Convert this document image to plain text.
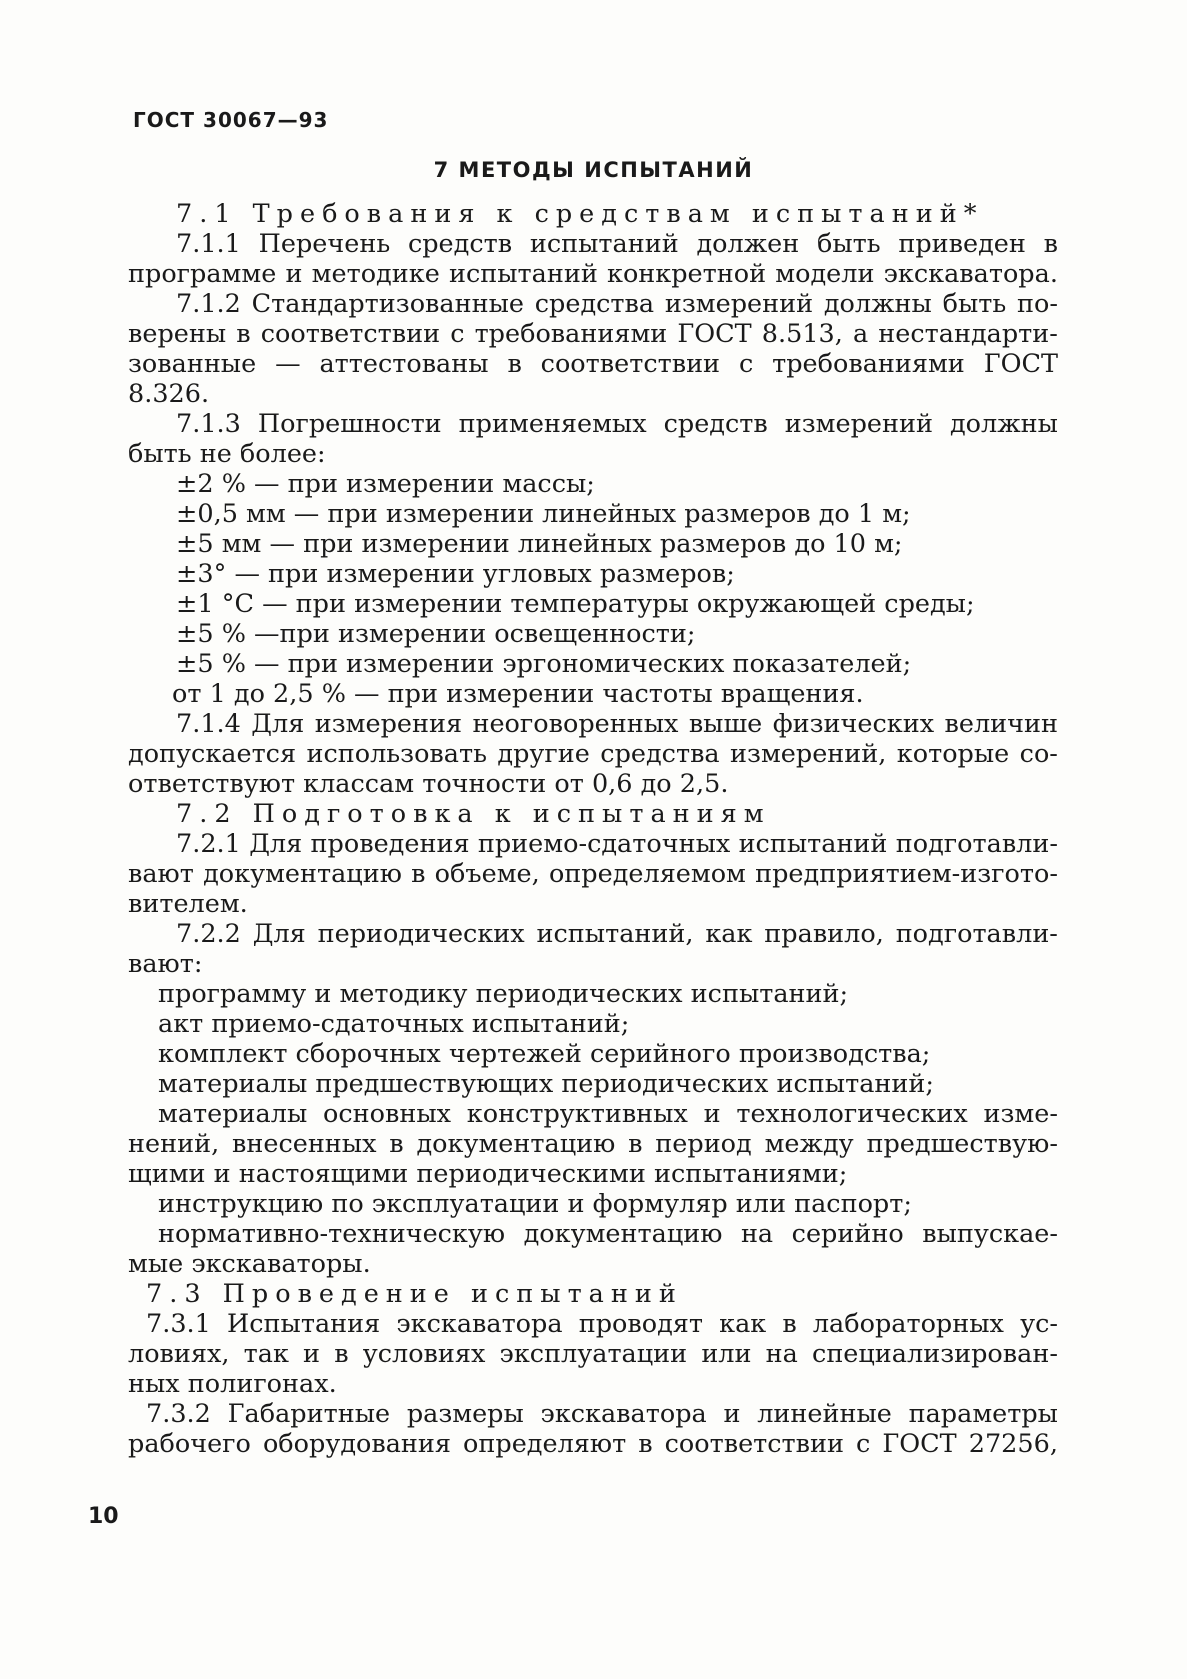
ГОСТ 30067—93
7 МЕТОДЫ ИСПЫТАНИЙ
7.1 Требования к средствам испытаний*
7.1.1 Перечень средств испытаний должен быть приведен в
программе и методике испытаний конкретной модели экскаватора.
7.1.2 Стандартизованные средства измерений должны быть по-
верены в соответствии с требованиями ГОСТ 8.513, а нестандарти-
зованные — аттестованы в соответствии с требованиями ГОСТ
8.326.
7.1.3 Погрешности применяемых средств измерений должны
быть не более:
±2 % — при измерении массы;
±0,5 мм — при измерении линейных размеров до 1 м;
±5 мм — при измерении линейных размеров до 10 м;
±3° — при измерении угловых размеров;
±1 °С — при измерении температуры окружающей среды;
±5 % —при измерении освещенности;
±5 % — при измерении эргономических показателей;
от 1 до 2,5 % — при измерении частоты вращения.
7.1.4 Для измерения неоговоренных выше физических величин
допускается использовать другие средства измерений, которые со-
ответствуют классам точности от 0,6 до 2,5.
7.2 Подготовка к испытаниям
7.2.1 Для проведения приемо-сдаточных испытаний подготавли-
вают документацию в объеме, определяемом предприятием-изгото-
вителем.
7.2.2 Для периодических испытаний, как правило, подготавли-
вают:
программу и методику периодических испытаний;
акт приемо-сдаточных испытаний;
комплект сборочных чертежей серийного производства;
материалы предшествующих периодических испытаний;
материалы основных конструктивных и технологических изме-
нений, внесенных в документацию в период между предшествую-
щими и настоящими периодическими испытаниями;
инструкцию по эксплуатации и формуляр или паспорт;
нормативно-техническую документацию на серийно выпускае-
мые экскаваторы.
7.3 Проведение испытаний
7.3.1 Испытания экскаватора проводят как в лабораторных ус-
ловиях, так и в условиях эксплуатации или на специализирован-
ных полигонах.
7.3.2 Габаритные размеры экскаватора и линейные параметры
рабочего оборудования определяют в соответствии с ГОСТ 27256,
10
